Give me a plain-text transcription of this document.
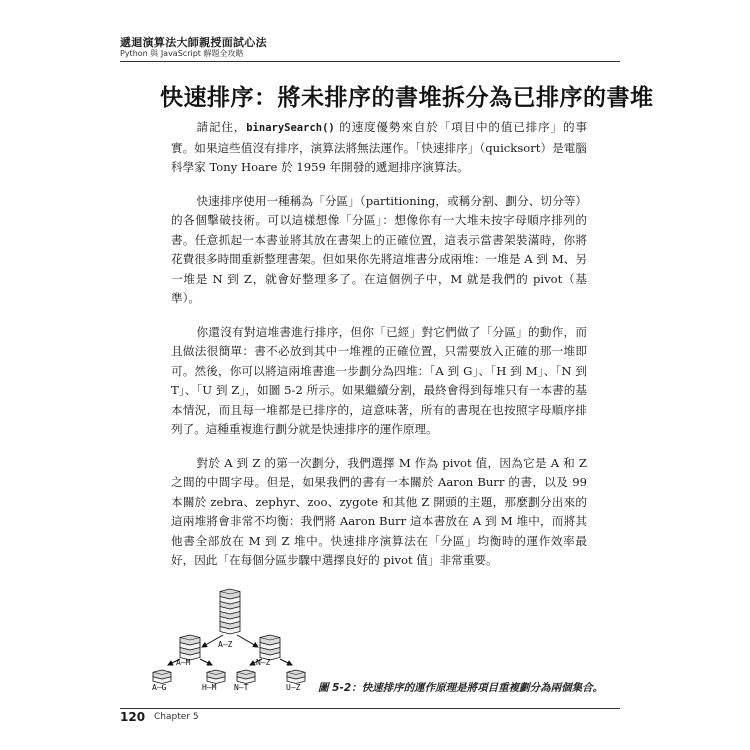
遞迴演算法大師親授面試心法
Python 與 JavaScript 解題全攻略
快速排序：將未排序的書堆拆分為已排序的書堆

請記住，binarySearch() 的速度優勢來自於「項目中的值已排序」的事實。如果這些值沒有排序，演算法將無法運作。「快速排序」（quicksort）是電腦科學家 Tony Hoare 於 1959 年開發的遞迴排序演算法。

快速排序使用一種稱為「分區」（partitioning，或稱分割、劃分、切分等）的各個擊破技術。可以這樣想像「分區」：想像你有一大堆未按字母順序排列的書。任意抓起一本書並將其放在書架上的正確位置，這表示當書架裝滿時，你將花費很多時間重新整理書架。但如果你先將這堆書分成兩堆：一堆是 A 到 M、另一堆是 N 到 Z，就會好整理多了。在這個例子中，M 就是我們的 pivot（基準）。

你還沒有對這堆書進行排序，但你「已經」對它們做了「分區」的動作，而且做法很簡單：書不必放到其中一堆裡的正確位置，只需要放入正確的那一堆即可。然後，你可以將這兩堆書進一步劃分為四堆：「A 到 G」、「H 到 M」、「N 到 T」、「U 到 Z」，如圖 5-2 所示。如果繼續分割，最終會得到每堆只有一本書的基本情況，而且每一堆都是已排序的，這意味著，所有的書現在也按照字母順序排列了。這種重複進行劃分就是快速排序的運作原理。

對於 A 到 Z 的第一次劃分，我們選擇 M 作為 pivot 值，因為它是 A 和 Z 之間的中間字母。但是，如果我們的書有一本關於 Aaron Burr 的書，以及 99 本關於 zebra、zephyr、zoo、zygote 和其他 Z 開頭的主題，那麼劃分出來的這兩堆將會非常不均衡：我們將 Aaron Burr 這本書放在 A 到 M 堆中，而將其他書全部放在 M 到 Z 堆中。快速排序演算法在「分區」均衡時的運作效率最好，因此「在每個分區步驟中選擇良好的 pivot 值」非常重要。

A–Z
A–M	N–Z
A–G	H–M N–T	U–Z 圖 5-2：快速排序的運作原理是將項目重複劃分為兩個集合。
120 Chapter 5
